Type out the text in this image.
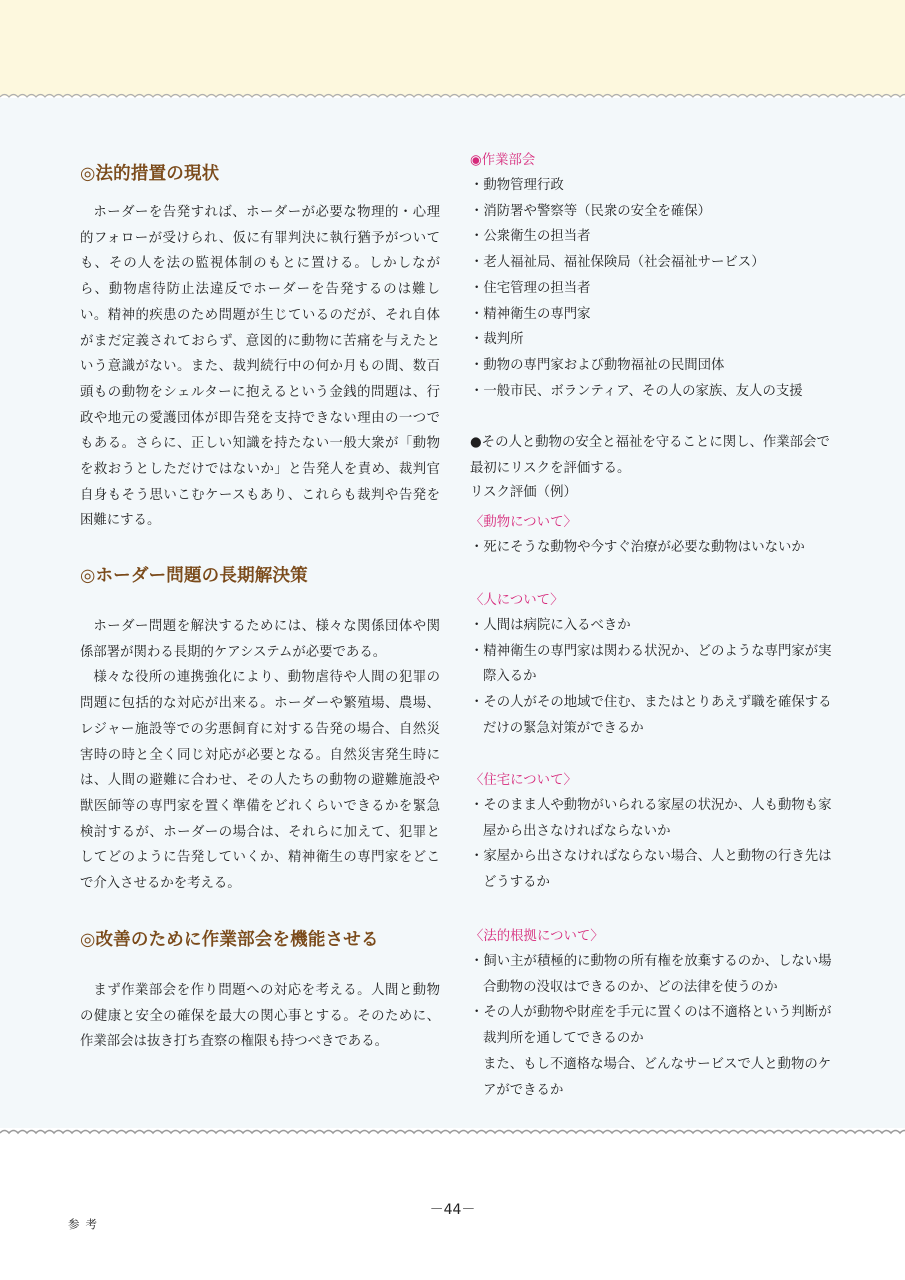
◎法的措置の現状

ホーダーを告発すれば、ホーダーが必要な物理的・心理的フォローが受けられ、仮に有罪判決に執行猶予がついても、その人を法の監視体制のもとに置ける。しかしながら、動物虐待防止法違反でホーダーを告発するのは難しい。精神的疾患のため問題が生じているのだが、それ自体がまだ定義されておらず、意図的に動物に苦痛を与えたという意識がない。また、裁判続行中の何か月もの間、数百頭もの動物をシェルターに抱えるという金銭的問題は、行政や地元の愛護団体が即告発を支持できない理由の一つでもある。さらに、正しい知識を持たない一般大衆が「動物を救おうとしただけではないか」と告発人を責め、裁判官自身もそう思いこむケースもあり、これらも裁判や告発を困難にする。

◎ホーダー問題の長期解決策

ホーダー問題を解決するためには、様々な関係団体や関係部署が関わる長期的ケアシステムが必要である。

様々な役所の連携強化により、動物虐待や人間の犯罪の問題に包括的な対応が出来る。ホーダーや繁殖場、農場、レジャー施設等での劣悪飼育に対する告発の場合、自然災害時の時と全く同じ対応が必要となる。自然災害発生時には、人間の避難に合わせ、その人たちの動物の避難施設や獣医師等の専門家を置く準備をどれくらいできるかを緊急検討するが、ホーダーの場合は、それらに加えて、犯罪としてどのように告発していくか、精神衛生の専門家をどこで介入させるかを考える。

◎改善のために作業部会を機能させる

まず作業部会を作り問題への対応を考える。人間と動物の健康と安全の確保を最大の関心事とする。そのために、作業部会は抜き打ち査察の権限も持つべきである。

◉作業部会

・動物管理行政
・消防署や警察等（民衆の安全を確保）
・公衆衛生の担当者
・老人福祉局、福祉保険局（社会福祉サービス）
・住宅管理の担当者
・精神衛生の専門家
・裁判所
・動物の専門家および動物福祉の民間団体
・一般市民、ボランティア、その人の家族、友人の支援

●その人と動物の安全と福祉を守ることに関し、作業部会で最初にリスクを評価する。

リスク評価（例）

〈動物について〉

・死にそうな動物や今すぐ治療が必要な動物はいないか

〈人について〉

・人間は病院に入るべきか
・精神衛生の専門家は関わる状況か、どのような専門家が実際入るか
・その人がその地域で住む、またはとりあえず職を確保するだけの緊急対策ができるか

〈住宅について〉

・そのまま人や動物がいられる家屋の状況か、人も動物も家屋から出さなければならないか
・家屋から出さなければならない場合、人と動物の行き先はどうするか

〈法的根拠について〉

・飼い主が積極的に動物の所有権を放棄するのか、しない場合動物の没収はできるのか、どの法律を使うのか
・その人が動物や財産を手元に置くのは不適格という判断が裁判所を通してできるのか

また、もし不適格な場合、どんなサービスで人と動物のケアができるか

－44－
参考
